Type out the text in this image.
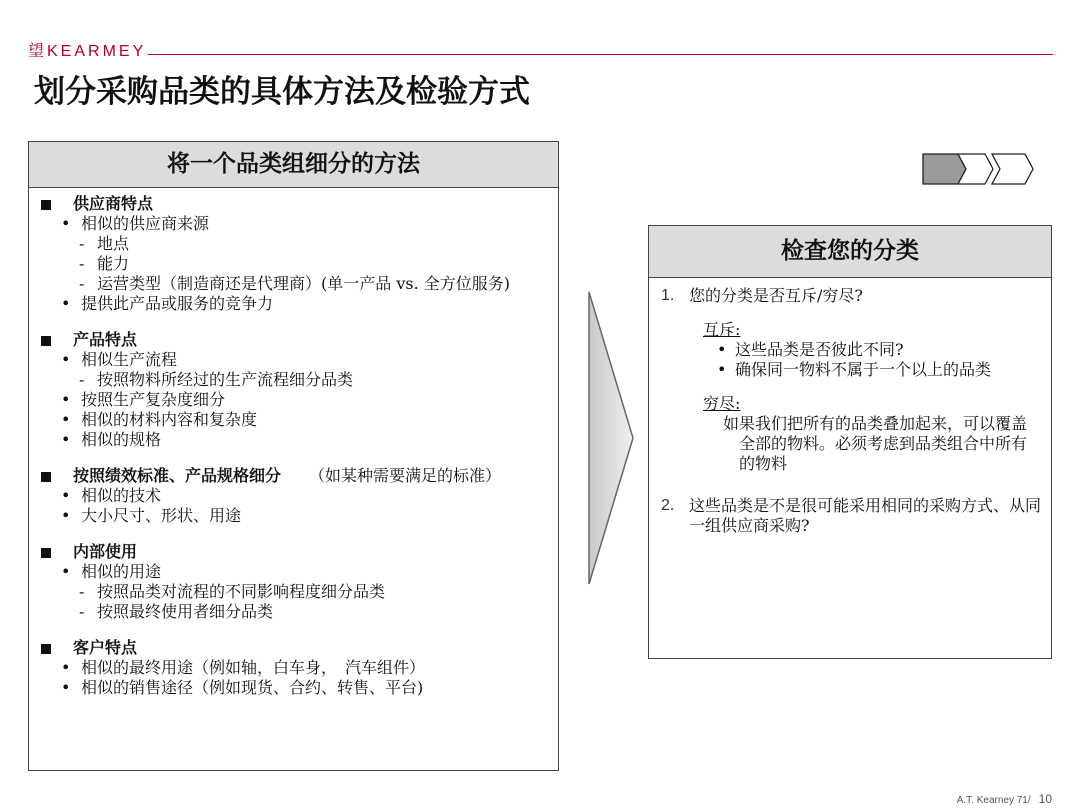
望KEARMEY
划分采购品类的具体方法及检验方式
将一个品类组细分的方法
供应商特点
• 相似的供应商来源
- 地点
- 能力
- 运营类型（制造商还是代理商）(单一产品 vs. 全方位服务)
• 提供此产品或服务的竞争力
产品特点
• 相似生产流程
- 按照物料所经过的生产流程细分品类
• 按照生产复杂度细分
• 相似的材料内容和复杂度
• 相似的规格
按照绩效标准、产品规格细分 （如某种需要满足的标准）
• 相似的技术
• 大小尺寸、形状、用途
内部使用
• 相似的用途
- 按照品类对流程的不同影响程度细分品类
- 按照最终使用者细分品类
客户特点
• 相似的最终用途（例如轴，白车身，　汽车组件）
• 相似的销售途径（例如现货、合约、转售、平台)
检查您的分类
1. 您的分类是否互斥/穷尽?
互斥:
• 这些品类是否彼此不同?
• 确保同一物料不属于一个以上的品类
穷尽:
如果我们把所有的品类叠加起来，可以覆盖全部的物料。必须考虑到品类组合中所有的物料
2. 这些品类是不是很可能采用相同的采购方式、从同一组供应商采购?
A.T. Kearney 71/ 10
